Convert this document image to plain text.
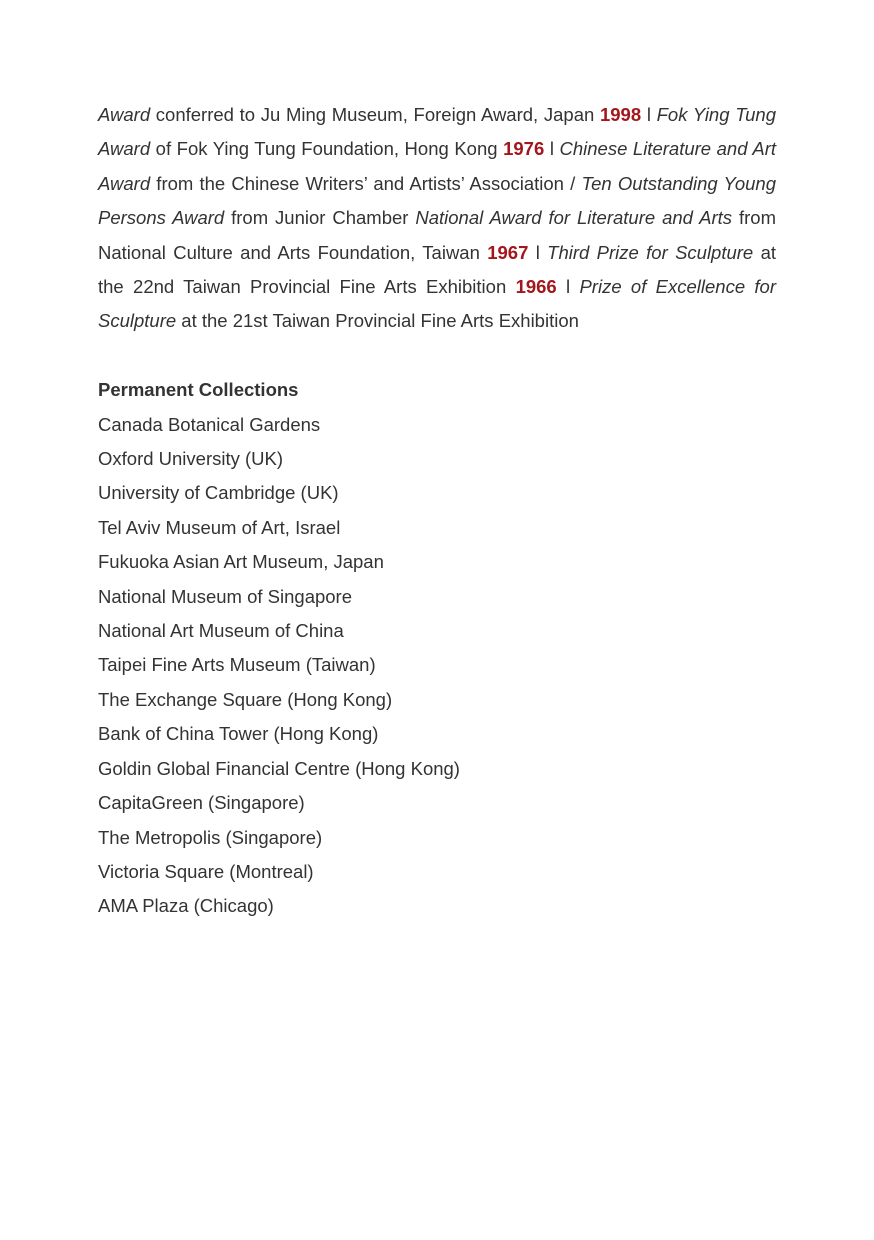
Award conferred to Ju Ming Museum, Foreign Award, Japan 1998 l Fok Ying Tung Award of Fok Ying Tung Foundation, Hong Kong 1976 l Chinese Literature and Art Award from the Chinese Writers’ and Artists’ Association / Ten Outstanding Young Persons Award from Junior Chamber National Award for Literature and Arts from National Culture and Arts Foundation, Taiwan 1967 l Third Prize for Sculpture at the 22nd Taiwan Provincial Fine Arts Exhibition 1966 l Prize of Excellence for Sculpture at the 21st Taiwan Provincial Fine Arts Exhibition

Permanent Collections

Canada Botanical Gardens
Oxford University (UK)
University of Cambridge (UK)
Tel Aviv Museum of Art, Israel
Fukuoka Asian Art Museum, Japan
National Museum of Singapore
National Art Museum of China
Taipei Fine Arts Museum (Taiwan)
The Exchange Square (Hong Kong)
Bank of China Tower (Hong Kong)
Goldin Global Financial Centre (Hong Kong)
CapitaGreen (Singapore)
The Metropolis (Singapore)
Victoria Square (Montreal)
AMA Plaza (Chicago)
